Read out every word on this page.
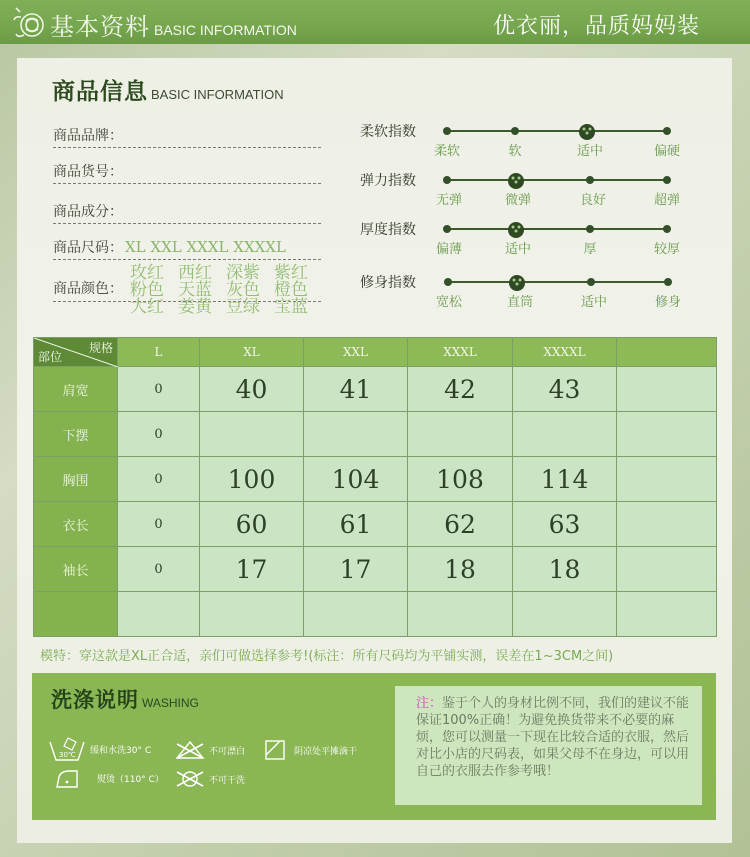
基本资料 BASIC INFORMATION	优衣丽，品质妈妈装
商品信息 BASIC INFORMATION
商品品牌：
商品货号：
商品成分：
商品尺码： XL XXL XXXL XXXXL
商品颜色：
玫红 西红 深紫 紫红
粉色 天蓝 灰色 橙色
大红 姜黄 豆绿 宝蓝
柔软指数
柔软	软	适中	偏硬
弹力指数
无弹	微弹	良好	超弹
厚度指数
偏薄	适中	厚	较厚
修身指数
宽松	直筒	适中	修身
规格
部位	L	XL	XXL	XXXL	XXXXL	
肩宽	0	40	41	42	43	
下摆	0					
胸围	0	100	104	108	114	
衣长	0	60	61	62	63	
袖长	0	17	17	18	18	

模特：穿这款是XL正合适，亲们可做选择参考!(标注：所有尺码均为平铺实测，误差在1~3CM之间)
洗涤说明 WASHING
30℃ 缓和水洗30° C	不可漂白	阴凉处平摊滴干
熨烫（110° C）	不可干洗
注：鉴于个人的身材比例不同，我们的建议不能保证100%正确！为避免换货带来不必要的麻烦，您可以测量一下现在比较合适的衣服，然后对比小店的尺码表，如果父母不在身边，可以用自己的衣服去作参考哦！
